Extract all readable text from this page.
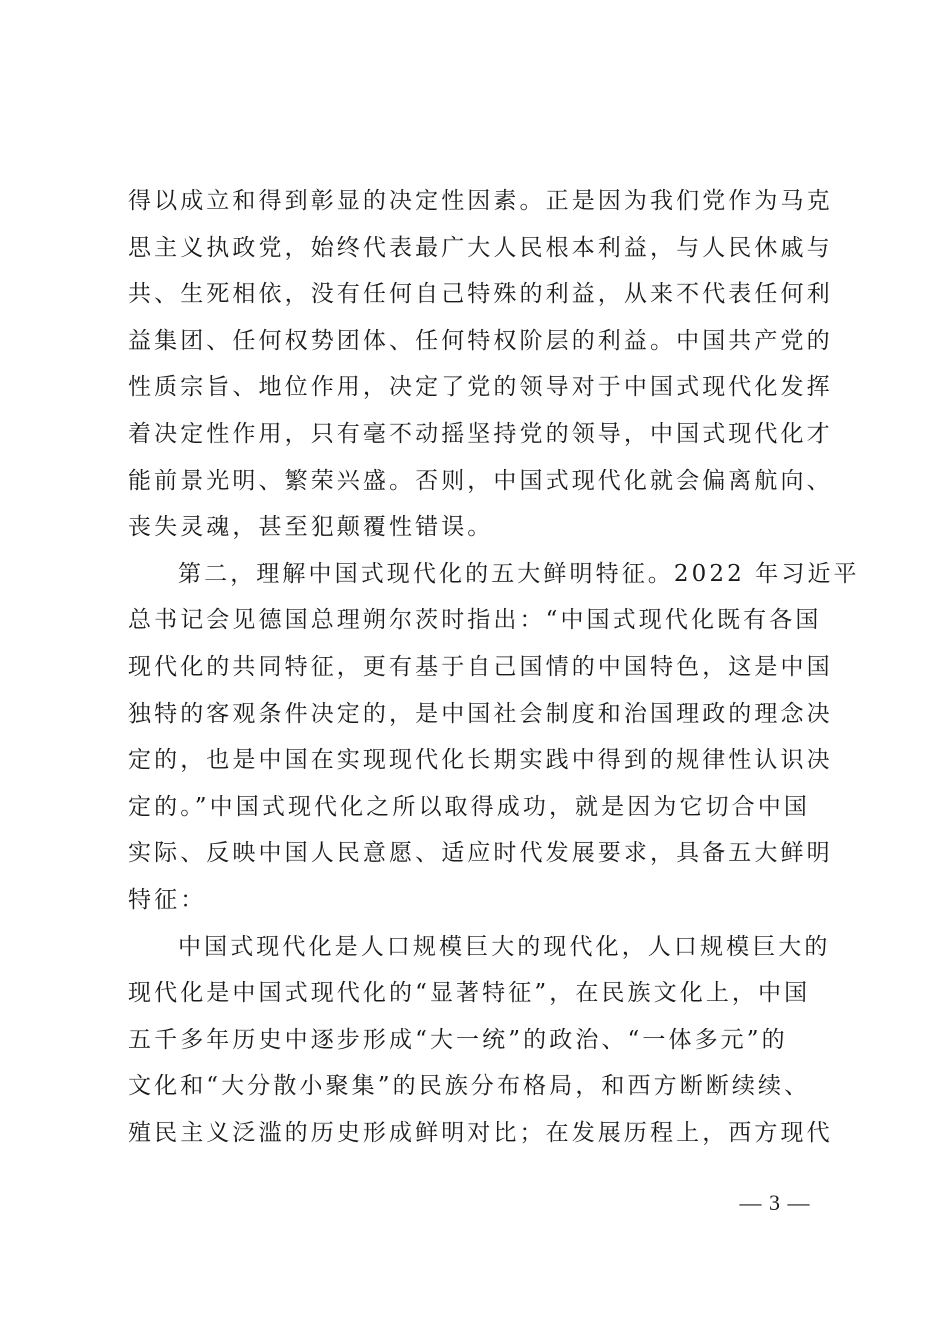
得以成立和得到彰显的决定性因素。正是因为我们党作为马克
思主义执政党，始终代表最广大人民根本利益，与人民休戚与
共、生死相依，没有任何自己特殊的利益，从来不代表任何利
益集团、任何权势团体、任何特权阶层的利益。中国共产党的
性质宗旨、地位作用，决定了党的领导对于中国式现代化发挥
着决定性作用，只有毫不动摇坚持党的领导，中国式现代化才
能前景光明、繁荣兴盛。否则，中国式现代化就会偏离航向、
丧失灵魂，甚至犯颠覆性错误。
第二，理解中国式现代化的五大鲜明特征。2022 年习近平
总书记会见德国总理朔尔茨时指出：“中国式现代化既有各国
现代化的共同特征，更有基于自己国情的中国特色，这是中国
独特的客观条件决定的，是中国社会制度和治国理政的理念决
定的，也是中国在实现现代化长期实践中得到的规律性认识决
定的。”中国式现代化之所以取得成功，就是因为它切合中国
实际、反映中国人民意愿、适应时代发展要求，具备五大鲜明
特征：
中国式现代化是人口规模巨大的现代化，人口规模巨大的
现代化是中国式现代化的“显著特征”，在民族文化上，中国
五千多年历史中逐步形成“大一统”的政治、“一体多元”的
文化和“大分散小聚集”的民族分布格局，和西方断断续续、
殖民主义泛滥的历史形成鲜明对比；在发展历程上，西方现代
— 3 —
